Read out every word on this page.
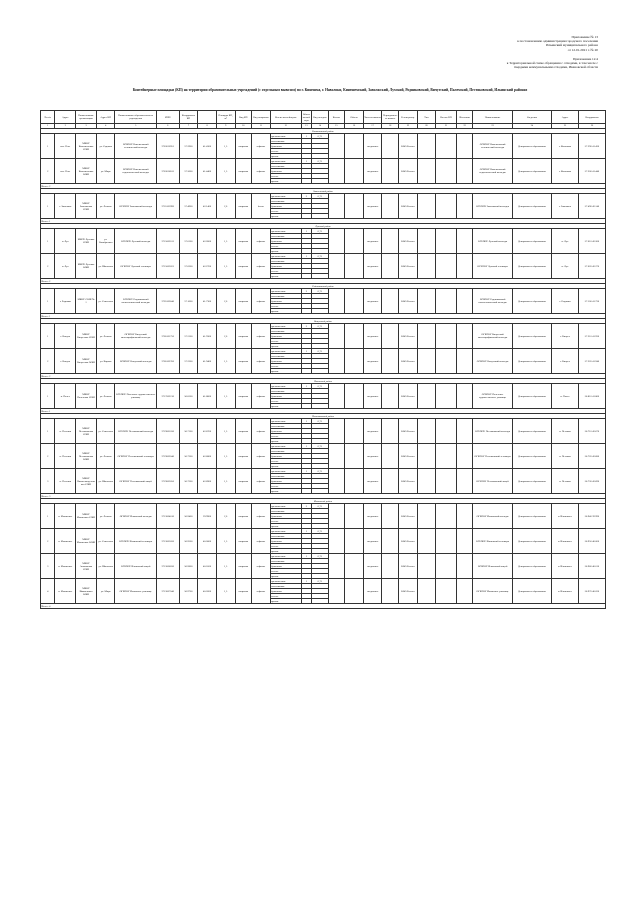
Приложение № 13
к постановлению администрации городского поселения
Ильинский муниципального района
от 12.01.2021 г. № 20
Приложение 12.4
к Территориальной схеме обращения с отходами, в том числе с
твердыми коммунальными отходами, Ивановской области
Контейнерные площадки (КП) на территории образовательных учреждений (с отдельным вывозом) по г. Кинешма, г. Наволоки, Кинешемский, Заволжский, Лухский, Родниковский, Вичугский, Палехский, Пестяковский, Ильинский районах
№ п/п	Адрес	Наименование организации	Адрес КП	Наименование образовательного учреждения	ИНН	Координаты КП		Площадь КП, м²	Вид КП	Вид покрытия	Кол-во контейнеров	Объем контейнера	Вид отходов	Кол-во	Объем	Частота вывоза	Периодичность вывоза	Регоператор	Тип	Кол-во КП	Источник	Наименование	Сведения	Адрес	Координаты
1	2	3	4	5	6	7	8	9	10	11	12	13	14	15	16	17	18	19	20	21	22	23	24	25	26
Кинешемский район																									
1	пос. Нов.	МКОУ Кинешемская СОШ	ул. Садовая	ОГБПОУ Кинешемский технический колледж	3703010951	57.2900	41.4300	1,5	открытая	асфальт	органические	1	0,75			ежедневно		ООО Регион				ОГБПОУ Кинешемский технический колледж	Департамент образования	г. Кинешма	57.290 41.430
											пластиковые														
											бумажные														
											стекло														
											прочие														
2	пос. Нов.	МКОУ Кинешемская ООШ	ул. Мира	ОГБПОУ Кинешемский педагогический колледж	3703016181	57.3000	41.4400	1,5	открытая	асфальт	органические	1	0,75			ежедневно		ООО Регион				ОГБПОУ Кинешемский педагогический колледж	Департамент образования	г. Кинешма	57.300 41.440
											пластиковые														
											бумажные														
											стекло														
											прочие														
Итого: 2																									
Заволжский район																									
1	г. Заволжск	МКОУ Заволжская СОШ	ул. Ленина	ОГБПОУ Заволжский колледж	3711005990	57.4900	42.1400	2,0	открытая	бетон	органические	2	0,75			ежедневно		ООО Регион				ОГБПОУ Заволжский колледж	Департамент образования	г. Заволжск	57.490 42.140
											пластиковые														
											бумажные														
											стекло														
											прочие														
Итого: 1																									
Лухский район																									
1	п. Лух	МКОУ Лухская СОШ	ул. Октябрьская	ОГБПОУ Лухский колледж	3715002011	57.0100	42.2600	1,5	открытая	асфальт	органические	1	0,75			ежедневно		ООО Регион				ОГБПОУ Лухский колледж	Департамент образования	п. Лух	57.010 42.260
											пластиковые														
											бумажные														
											стекло														
											прочие														
2	п. Лух	МКОУ Лухская ООШ	ул. Школьная	ОГБПОУ Лухский техникум	3715003021	57.0200	42.2700	1,5	открытая	асфальт	органические	1	0,75			ежедневно		ООО Регион				ОГБПОУ Лухский техникум	Департамент образования	п. Лух	57.020 42.270
											пластиковые														
											бумажные														
											стекло														
											прочие														
Итого: 2																									
Родниковский район																									
1	г. Родники	МКОУ СОШ № 1	ул. Советская	ОГБПОУ Родниковский политехнический колледж	3721002640	57.1000	41.7300	2,0	открытая	асфальт	органические	2	0,75			ежедневно		ООО Регион				ОГБПОУ Родниковский политехнический колледж	Департамент образования	г. Родники	57.100 41.730
											пластиковые														
											бумажные														
											стекло														
											прочие														
Итого: 1																									
Вичугский район																									
1	г. Вичуга	МКОУ Вичугская СОШ	ул. Ленина	ОГБПОУ Вичугский многопрофильный колледж	3701001750	57.2100	41.9300	2,0	открытая	асфальт	органические	2	0,75			ежедневно		ООО Регион				ОГБПОУ Вичугский многопрофильный колледж	Департамент образования	г. Вичуга	57.210 41.930
											пластиковые														
											бумажные														
											стекло														
											прочие														
2	г. Вичуга	МКОУ Вичугская ООШ	ул. Кирова	ОГБПОУ Вичугский колледж	3701002760	57.2200	41.9400	1,5	открытая	асфальт	органические	1	0,75			ежедневно		ООО Регион				ОГБПОУ Вичугский колледж	Департамент образования	г. Вичуга	57.220 41.940
											пластиковые														
											бумажные														
											стекло														
											прочие														
Итого: 2																									
Палехский район																									
1	п. Палех	МКОУ Палехская СОШ	ул. Ленина	ОГБПОУ Палехское художественное училище	3717002210	56.8100	41.8600	1,5	открытая	асфальт	органические	1	0,75			ежедневно		ООО Регион				ОГБПОУ Палехское художественное училище	Департамент образования	п. Палех	56.810 41.860
											пластиковые														
											бумажные														
											стекло														
											прочие														
Итого: 1																									
Пестяковский район																									
1	п. Пестяки	МКОУ Пестяковская СОШ	ул. Советская	ОГБПОУ Пестяковский колледж	3719001030	56.7100	42.6700	1,5	открытая	асфальт	органические	1	0,75			ежедневно		ООО Регион				ОГБПОУ Пестяковский колледж	Департамент образования	п. Пестяки	56.710 42.670
											пластиковые														
											бумажные														
											стекло														
											прочие														
2	п. Пестяки	МКОУ Пестяковская ООШ	ул. Ленина	ОГБПОУ Пестяковский техникум	3719002040	56.7200	42.6800	1,5	открытая	асфальт	органические	1	0,75			ежедневно		ООО Регион				ОГБПОУ Пестяковский техникум	Департамент образования	п. Пестяки	56.720 42.680
											пластиковые														
											бумажные														
											стекло														
											прочие														
3	п. Пестяки	МКОУ Нижнеландеховская СОШ	ул. Школьная	ОГБПОУ Пестяковский лицей	3719003050	56.7300	42.6900	1,5	открытая	асфальт	органические	1	0,75			ежедневно		ООО Регион				ОГБПОУ Пестяковский лицей	Департамент образования	п. Пестяки	56.730 42.690
											пластиковые														
											бумажные														
											стекло														
											прочие														
Итого: 3																									
Ильинский район																									
1	п. Ильинское	МКОУ Ильинская СОШ	ул. Ленина	ОГБПОУ Ильинский колледж	3713004010	56.9400	39.9900	2,0	открытая	асфальт	органические	2	0,75			ежедневно		ООО Регион				ОГБПОУ Ильинский колледж	Департамент образования	п. Ильинское	56.940 39.990
											пластиковые														
											бумажные														
											стекло														
											прочие														
2	п. Ильинское	МКОУ Ильинская ООШ	ул. Советская	ОГБПОУ Ильинский техникум	3713005020	56.9500	40.0000	1,5	открытая	асфальт	органические	1	0,75			ежедневно		ООО Регион				ОГБПОУ Ильинский техникум	Департамент образования	п. Ильинское	56.950 40.000
											пластиковые														
											бумажные														
											стекло														
											прочие														
3	п. Ильинское	МКОУ Аньковская СОШ	ул. Школьная	ОГБПОУ Ильинский лицей	3713006030	56.9600	40.0100	1,5	открытая	асфальт	органические	1	0,75			ежедневно		ООО Регион				ОГБПОУ Ильинский лицей	Департамент образования	п. Ильинское	56.960 40.010
											пластиковые														
											бумажные														
											стекло														
											прочие														
4	п. Ильинское	МКОУ Ивашевская ООШ	ул. Мира	ОГБПОУ Ильинское училище	3713007040	56.9700	40.0200	1,5	открытая	асфальт	органические	1	0,75			ежедневно		ООО Регион				ОГБПОУ Ильинское училище	Департамент образования	п. Ильинское	56.970 40.020
											пластиковые														
											бумажные														
											стекло														
											прочие														
Итого: 4																									
